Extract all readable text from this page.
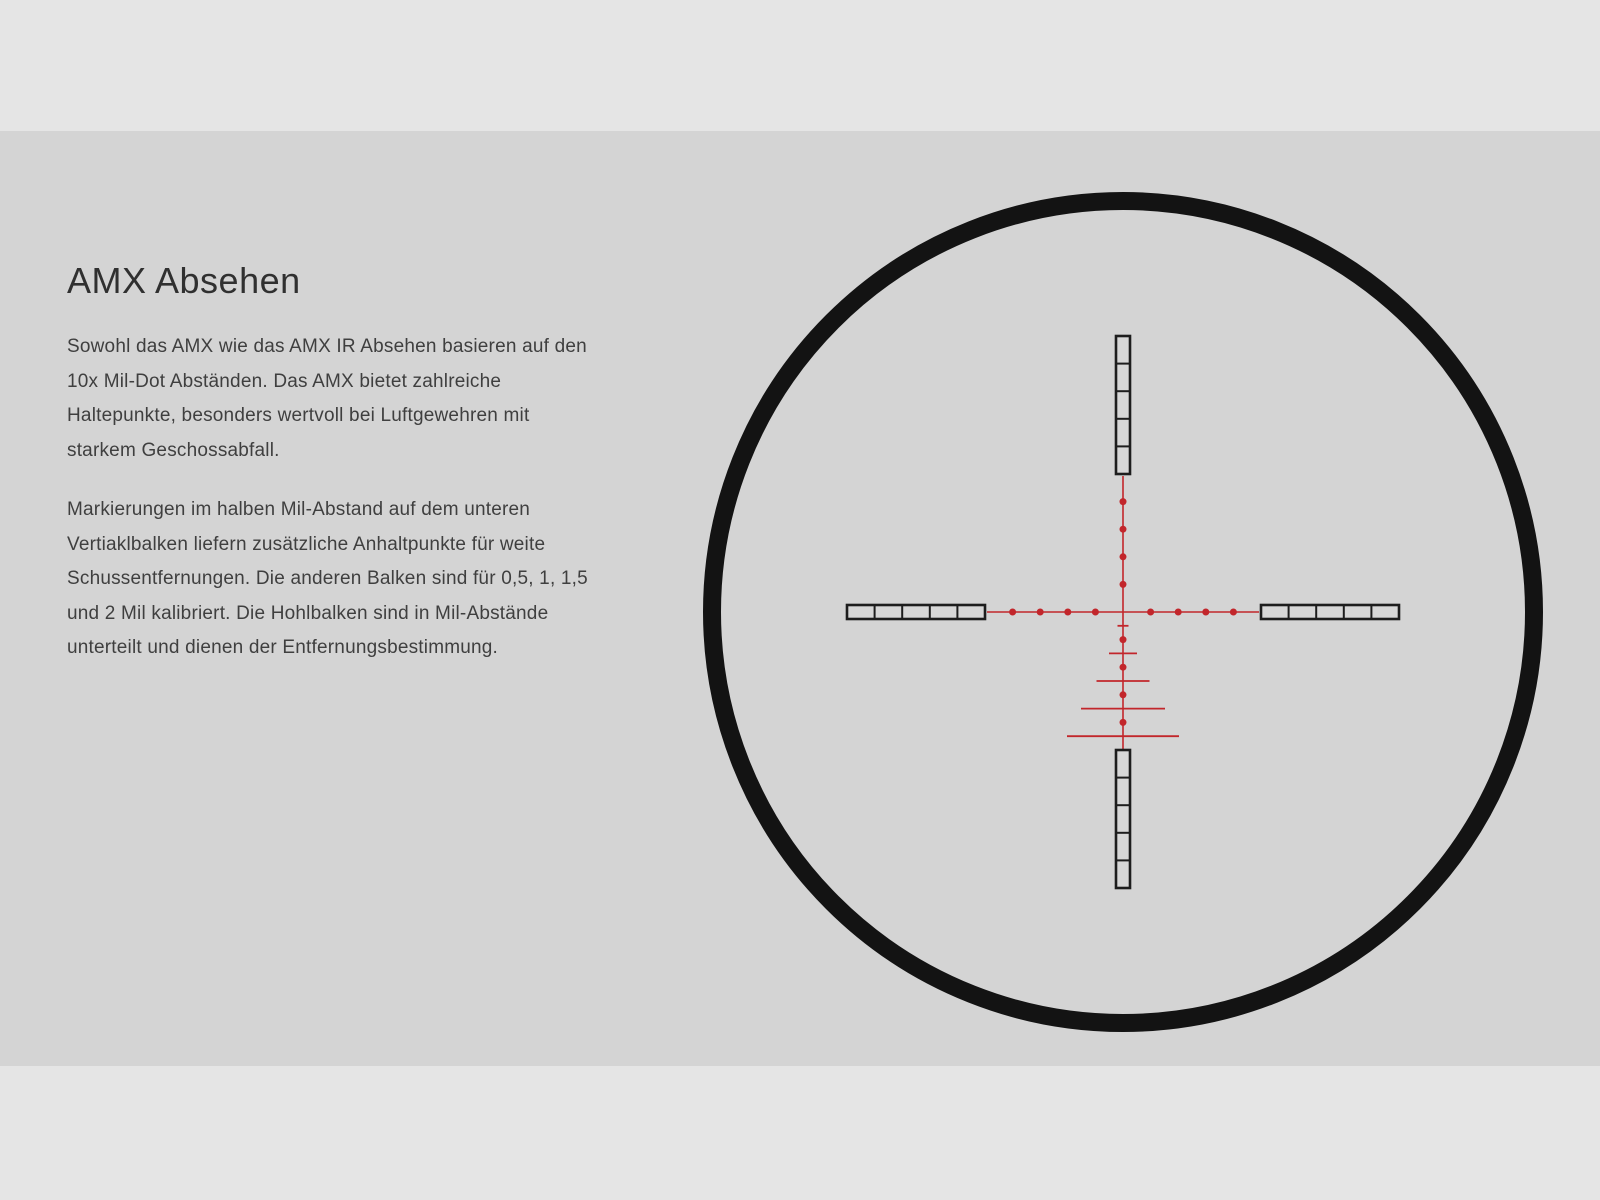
AMX Absehen
Sowohl das AMX wie das AMX IR Absehen basieren auf den
10x Mil-Dot Abständen. Das AMX bietet zahlreiche
Haltepunkte, besonders wertvoll bei Luftgewehren mit
starkem Geschossabfall.
Markierungen im halben Mil-Abstand auf dem unteren
Vertiaklbalken liefern zusätzliche Anhaltpunkte für weite
Schussentfernungen. Die anderen Balken sind für 0,5, 1, 1,5
und 2 Mil kalibriert. Die Hohlbalken sind in Mil-Abstände
unterteilt und dienen der Entfernungsbestimmung.
